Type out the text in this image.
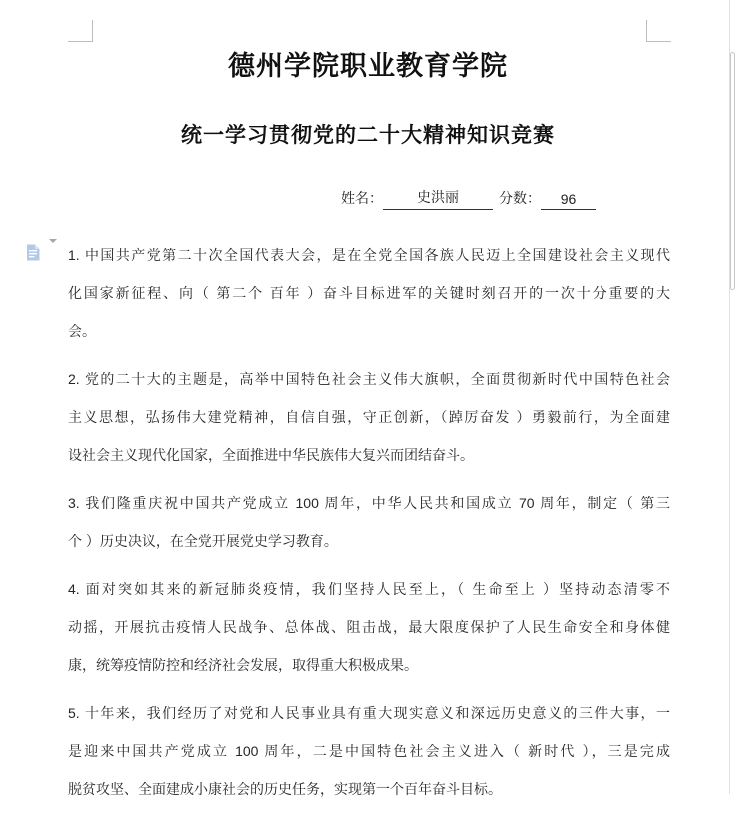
德州学院职业教育学院
统一学习贯彻党的二十大精神知识竞赛
姓名：	史洪丽	分数：	96
1. 中国共产党第二十次全国代表大会，是在全党全国各族人民迈上全国建设社会主义现代
化国家新征程、向（ 第二个 百年 ）奋斗目标进军的关键时刻召开的一次十分重要的大
会。
2. 党的二十大的主题是，高举中国特色社会主义伟大旗帜，全面贯彻新时代中国特色社会
主义思想，弘扬伟大建党精神，自信自强，守正创新，（踔厉奋发 ）勇毅前行，为全面建
设社会主义现代化国家，全面推进中华民族伟大复兴而团结奋斗。
3. 我们隆重庆祝中国共产党成立 100 周年，中华人民共和国成立 70 周年，制定（ 第三
个 ）历史决议，在全党开展党史学习教育。
4. 面对突如其来的新冠肺炎疫情，我们坚持人民至上，（ 生命至上 ）坚持动态清零不
动摇，开展抗击疫情人民战争、总体战、阻击战，最大限度保护了人民生命安全和身体健
康，统筹疫情防控和经济社会发展，取得重大积极成果。
5. 十年来，我们经历了对党和人民事业具有重大现实意义和深远历史意义的三件大事，一
是迎来中国共产党成立 100 周年，二是中国特色社会主义进入（ 新时代 ），三是完成
脱贫攻坚、全面建成小康社会的历史任务，实现第一个百年奋斗目标。
